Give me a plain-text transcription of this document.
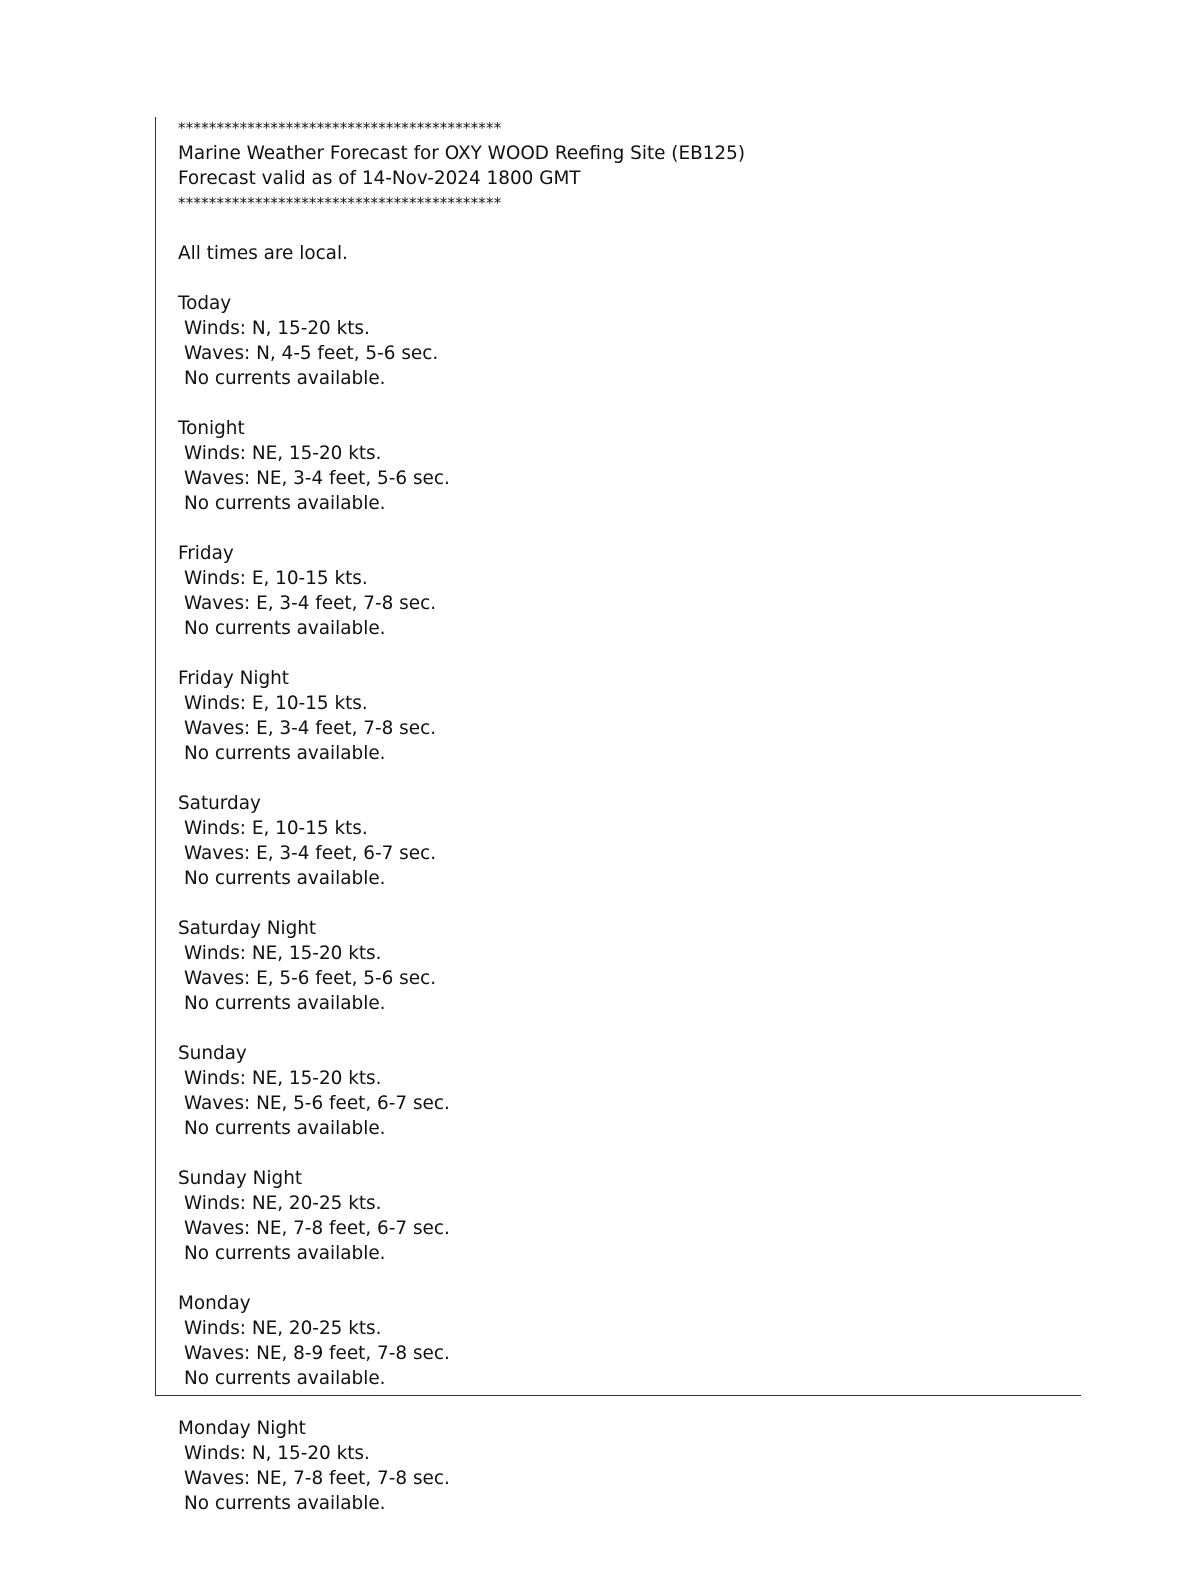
******************************************
Marine Weather Forecast for OXY WOOD Reefing Site (EB125)
Forecast valid as of 14-Nov-2024 1800 GMT
******************************************
All times are local.
Today
Winds: N, 15-20 kts.
Waves: N, 4-5 feet, 5-6 sec.
No currents available.
Tonight
Winds: NE, 15-20 kts.
Waves: NE, 3-4 feet, 5-6 sec.
No currents available.
Friday
Winds: E, 10-15 kts.
Waves: E, 3-4 feet, 7-8 sec.
No currents available.
Friday Night
Winds: E, 10-15 kts.
Waves: E, 3-4 feet, 7-8 sec.
No currents available.
Saturday
Winds: E, 10-15 kts.
Waves: E, 3-4 feet, 6-7 sec.
No currents available.
Saturday Night
Winds: NE, 15-20 kts.
Waves: E, 5-6 feet, 5-6 sec.
No currents available.
Sunday
Winds: NE, 15-20 kts.
Waves: NE, 5-6 feet, 6-7 sec.
No currents available.
Sunday Night
Winds: NE, 20-25 kts.
Waves: NE, 7-8 feet, 6-7 sec.
No currents available.
Monday
Winds: NE, 20-25 kts.
Waves: NE, 8-9 feet, 7-8 sec.
No currents available.
Monday Night
Winds: N, 15-20 kts.
Waves: NE, 7-8 feet, 7-8 sec.
No currents available.
